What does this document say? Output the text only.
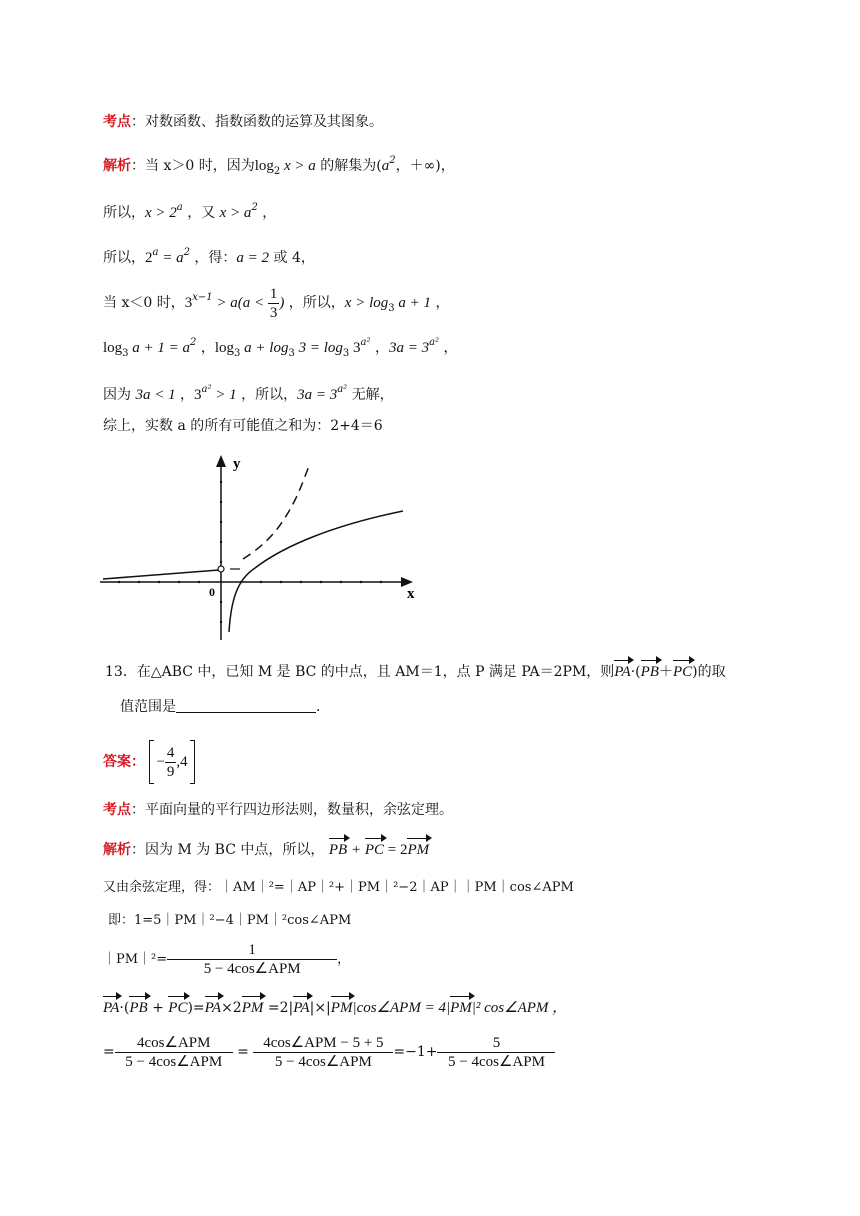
考点：对数函数、指数函数的运算及其图象。
解析：当 x＞0 时，因为$\log_2 x > a$ 的解集为($a^2$，＋∞)，
所以，$x > 2^a$ ，又 $x > a^2$ ，
所以，$2^a = a^2$ ，得：a = 2 或 4，
当 x＜0 时，$3^{x-1} > a(a < \frac{1}{3}$ ) ，所以，$x > \log_3 a + 1$ ，
$\log_3 a + 1 = a^2$ ，$\log_3 a + \log_3 3 = \log_3 3^{a^2}$ ，$3a = 3^{a^2}$ ，
因为 3a < 1 ，$3^{a^2} > 1$ ，所以，$3a = 3^{a^2}$ 无解，
综上，实数 a 的所有可能值之和为：2+4＝6
y
x
0
13．在△ABC 中，已知 M 是 BC 的中点，且 AM＝1，点 P 满足 PA＝2PM，则PA·(PB＋PC)的取
值范围是	.
答案： − $\frac{4}{9} ,4$
考点：平面向量的平行四边形法则，数量积，余弦定理。
解析：因为 M 为 BC 中点，所以， PB + PC = 2PM
又由余弦定理，得：｜AM｜²=｜AP｜²+｜PM｜²−2｜AP｜｜PM｜cos∠APM
即：1=5｜PM｜²−4｜PM｜²cos∠APM
｜PM｜²= $\frac{1}{\text{5 − 4cos∠APM}}$ ，
PA·(PB + PC)=PA×2PM =2|PA|×|PM|cos∠APM = 4|PM|² cos∠APM ，
= $\frac{\text{4cos∠APM}}{\text{5 − 4cos∠APM}} = \frac{\text{4cos∠APM − 5 + 5}}{\text{5 − 4cos∠APM}} =-1+ \frac{5}{\text{5 − 4cos∠APM}}$
